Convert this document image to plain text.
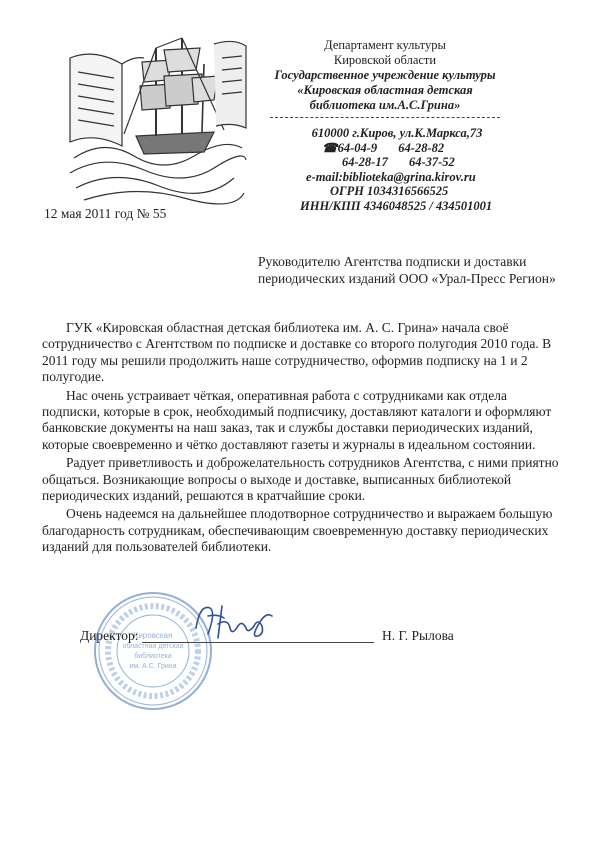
Департамент культуры
Кировской области
Государственное учреждение культуры
«Кировская областная детская
библиотека им.А.С.Грина»
610000 г.Киров, ул.К.Маркса,73
☎64-04-9 64-28-82
64-28-17 64-37-52
e-mail:biblioteka@grina.kirov.ru
ОГРН 1034316566525
ИНН/КПП 4346048525 / 434501001
12 мая 2011 год № 55
Руководителю Агентства подписки и доставки периодических изданий ООО «Урал-Пресс Регион»

ГУК «Кировская областная детская библиотека им. А. С. Грина» начала своё сотрудничество с Агентством по подписке и доставке со второго полугодия 2010 года. В 2011 году мы решили продолжить наше сотрудничество, оформив подписку на 1 и 2 полугодие.

Нас очень устраивает чёткая, оперативная работа с сотрудниками как отдела подписки, которые в срок, необходимый подписчику, доставляют каталоги и оформляют банковские документы на наш заказ, так и службы доставки периодических изданий, которые своевременно и чётко доставляют газеты и журналы в идеальном состоянии.

Радует приветливость и доброжелательность сотрудников Агентства, с ними приятно общаться. Возникающие вопросы о выходе и доставке, выписанных библиотекой периодических изданий, решаются в кратчайшие сроки.

Очень надеемся на дальнейшее плодотворное сотрудничество и выражаем большую благодарность сотрудникам, обеспечивающим своевременную доставку периодических изданий для пользователей библиотеки.

Кировская
областная детская
библиотека
им. А.С. Грина
Директор:	Н. Г. Рылова
